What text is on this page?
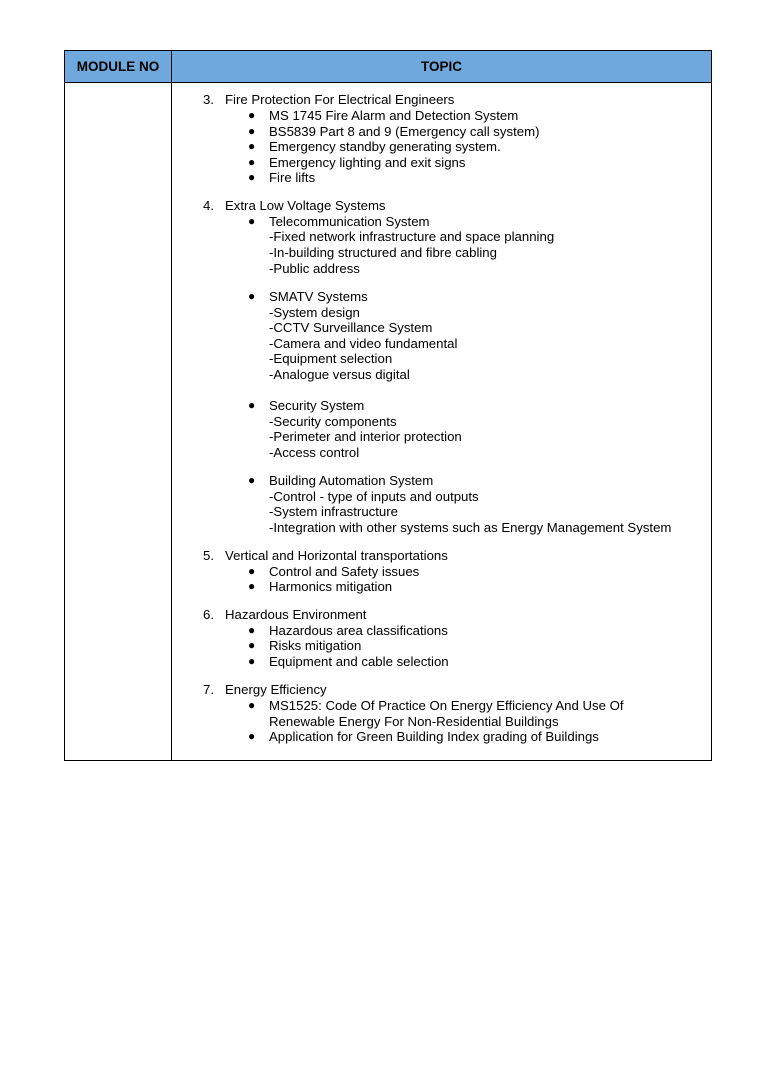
MODULE NO	TOPIC
3. Fire Protection For Electrical Engineers
● MS 1745 Fire Alarm and Detection System
● BS5839 Part 8 and 9 (Emergency call system)
● Emergency standby generating system.
● Emergency lighting and exit signs
● Fire lifts
4. Extra Low Voltage Systems
● Telecommunication System
-Fixed network infrastructure and space planning
-In-building structured and fibre cabling
-Public address
● SMATV Systems
-System design
-CCTV Surveillance System
-Camera and video fundamental
-Equipment selection
-Analogue versus digital
● Security System
-Security components
-Perimeter and interior protection
-Access control
● Building Automation System
-Control - type of inputs and outputs
-System infrastructure
-Integration with other systems such as Energy Management System
5. Vertical and Horizontal transportations
● Control and Safety issues
● Harmonics mitigation
6. Hazardous Environment
● Hazardous area classifications
● Risks mitigation
● Equipment and cable selection
7. Energy Efficiency
● MS1525: Code Of Practice On Energy Efficiency And Use Of
Renewable Energy For Non-Residential Buildings
● Application for Green Building Index grading of Buildings
